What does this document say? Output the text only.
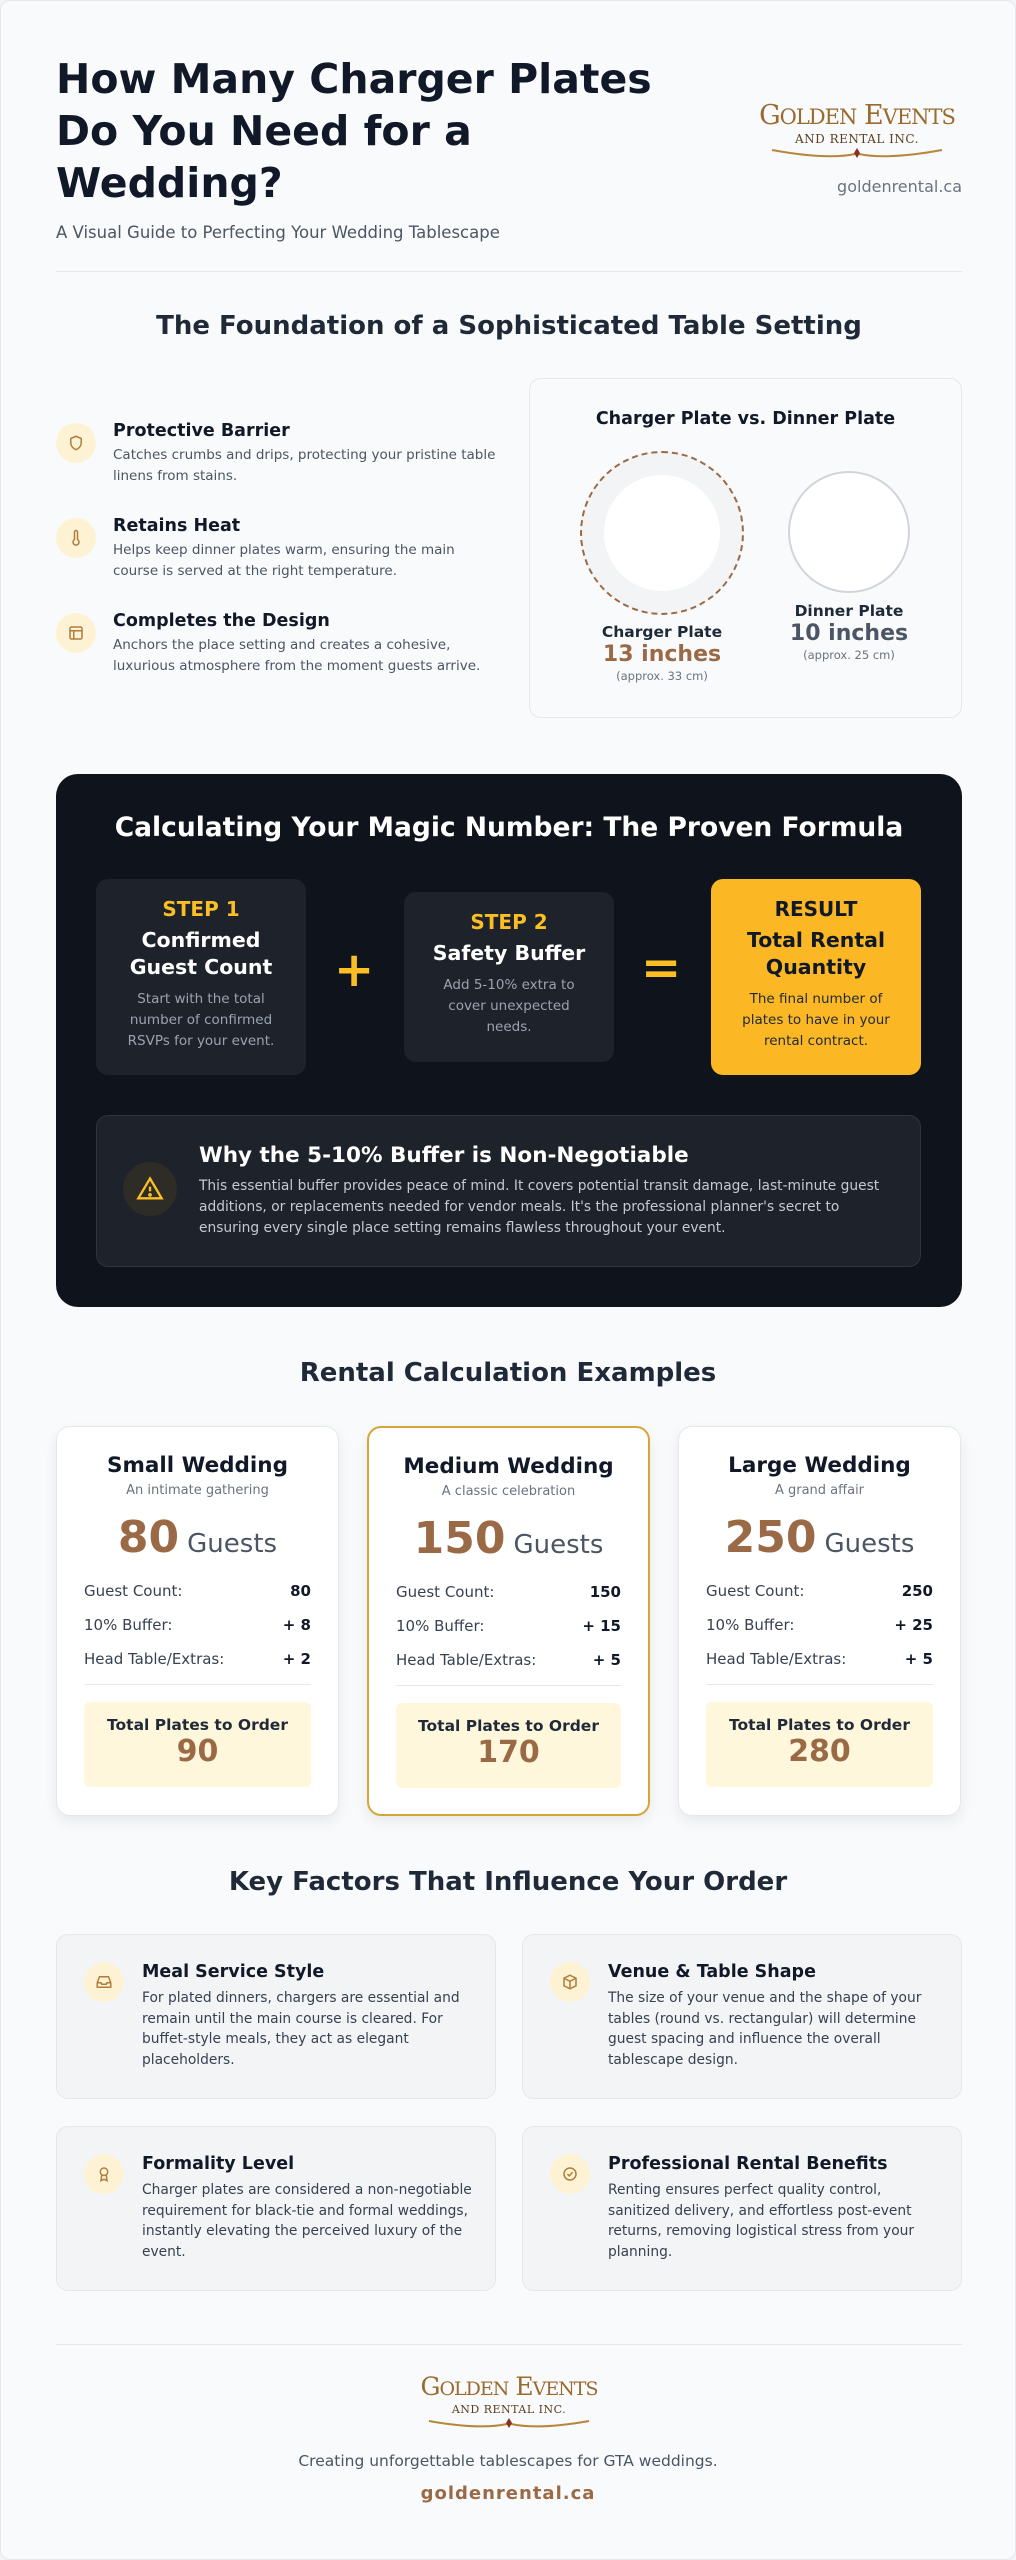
How Many Charger Plates Do You Need for a Wedding?
A Visual Guide to Perfecting Your Wedding Tablescape
GOLDEN EVENTS
AND RENTAL INC.
goldenrental.ca
The Foundation of a Sophisticated Table Setting
Protective Barrier
Catches crumbs and drips, protecting your pristine table linens from stains.
Retains Heat
Helps keep dinner plates warm, ensuring the main course is served at the right temperature.
Completes the Design
Anchors the place setting and creates a cohesive, luxurious atmosphere from the moment guests arrive.
Charger Plate vs. Dinner Plate
Charger Plate
13 inches
(approx. 33 cm)
Dinner Plate
10 inches
(approx. 25 cm)
Calculating Your Magic Number: The Proven Formula
STEP 1
Confirmed Guest Count
Start with the total number of confirmed RSVPs for your event.
+
STEP 2
Safety Buffer
Add 5-10% extra to cover unexpected needs.
=
RESULT
Total Rental Quantity
The final number of plates to have in your rental contract.
Why the 5-10% Buffer is Non-Negotiable
This essential buffer provides peace of mind. It covers potential transit damage, last-minute guest additions, or replacements needed for vendor meals. It's the professional planner's secret to ensuring every single place setting remains flawless throughout your event.
Rental Calculation Examples
Small Wedding
An intimate gathering
80 Guests
Guest Count:	80
10% Buffer:	+ 8
Head Table/Extras:	+ 2
Total Plates to Order
90
Medium Wedding
A classic celebration
150 Guests
Guest Count:	150
10% Buffer:	+ 15
Head Table/Extras:	+ 5
Total Plates to Order
170
Large Wedding
A grand affair
250 Guests
Guest Count:	250
10% Buffer:	+ 25
Head Table/Extras:	+ 5
Total Plates to Order
280
Key Factors That Influence Your Order
Meal Service Style
For plated dinners, chargers are essential and remain until the main course is cleared. For buffet-style meals, they act as elegant placeholders.
Venue & Table Shape
The size of your venue and the shape of your tables (round vs. rectangular) will determine guest spacing and influence the overall tablescape design.
Formality Level
Charger plates are considered a non-negotiable requirement for black-tie and formal weddings, instantly elevating the perceived luxury of the event.
Professional Rental Benefits
Renting ensures perfect quality control, sanitized delivery, and effortless post-event returns, removing logistical stress from your planning.
GOLDEN EVENTS
AND RENTAL INC.
Creating unforgettable tablescapes for GTA weddings.
goldenrental.ca
